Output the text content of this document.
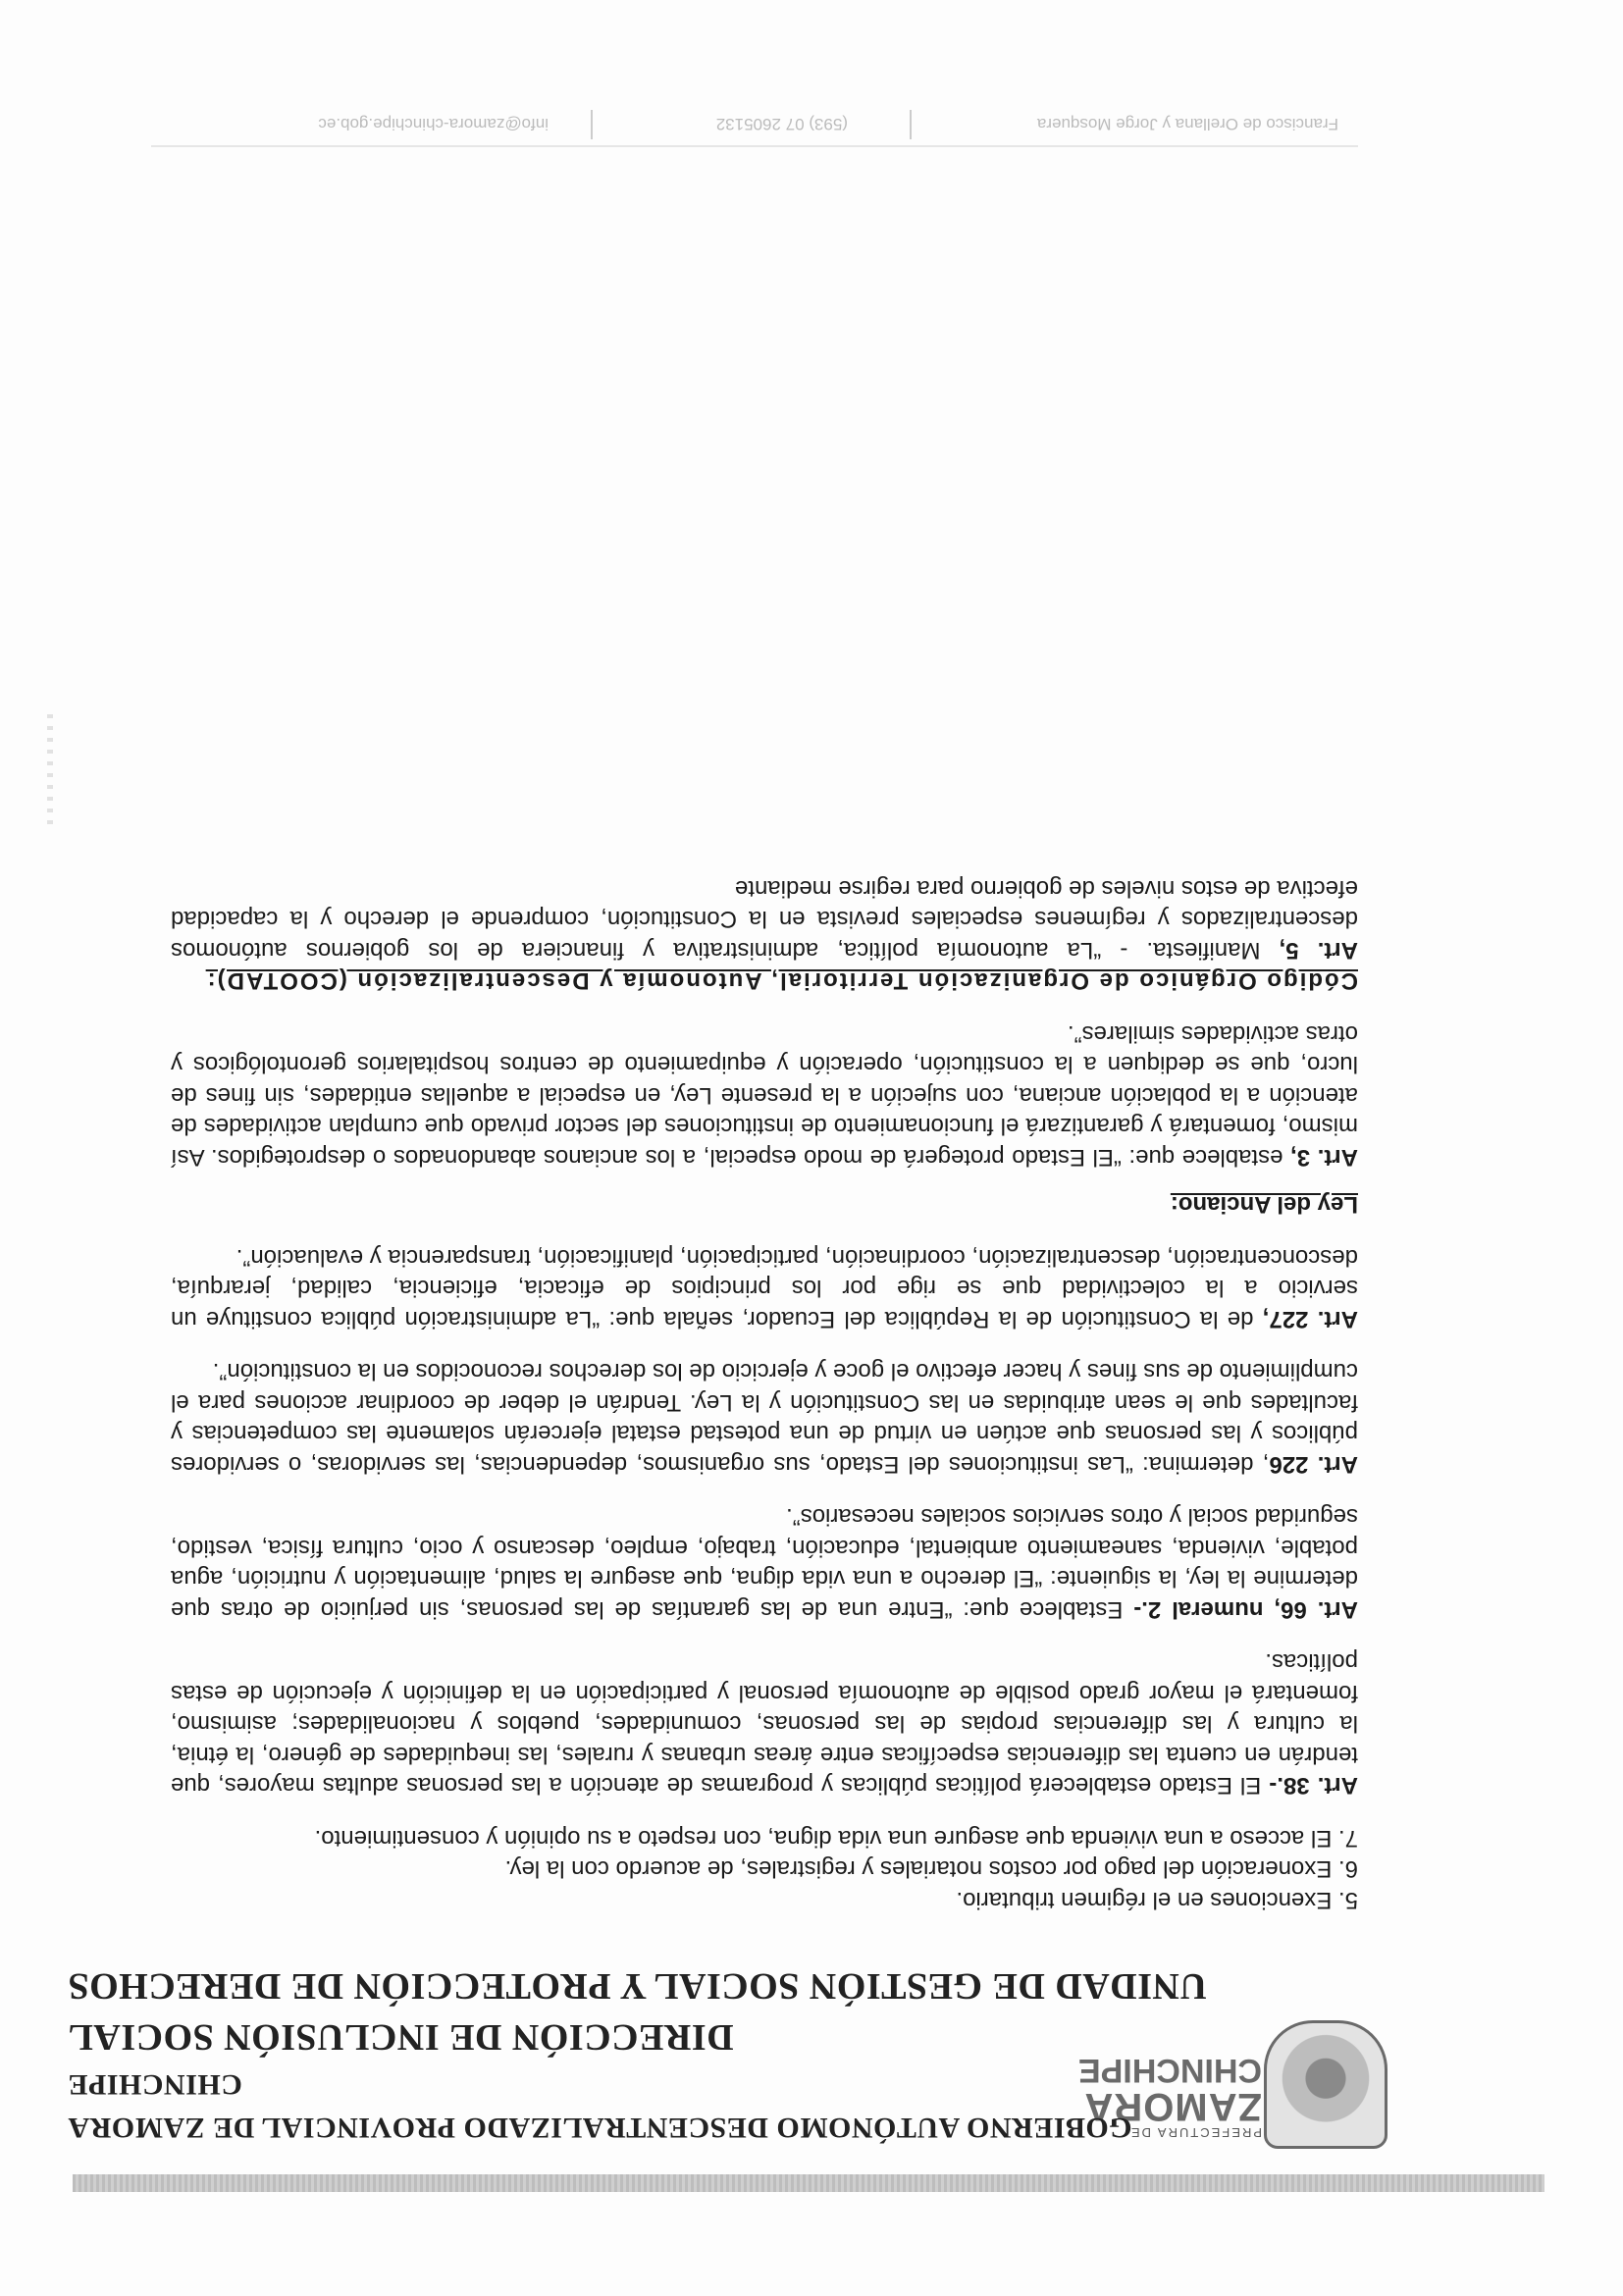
PREFECTURA DE
ZAMORA
CHINCHIPE
GOBIERNO AUTÓNOMO DESCENTRALIZADO PROVINCIAL DE ZAMORA CHINCHIPE
DIRECCIÓN DE INCLUSIÓN SOCIAL
UNIDAD DE GESTIÓN SOCIAL Y PROTECCIÓN DE DERECHOS

5. Exenciones en el régimen tributario.

6. Exoneración del pago por costos notariales y registrales, de acuerdo con la ley.

7. El acceso a una vivienda que asegure una vida digna, con respeto a su opinión y consentimiento.

Art. 38.- El Estado establecerá políticas públicas y programas de atención a las personas adultas mayores, que tendrán en cuenta las diferencias específicas entre áreas urbanas y rurales, las inequidades de género, la étnia, la cultura y las diferencias propias de las personas, comunidades, pueblos y nacionalidades; asimismo, fomentará el mayor grado posible de autonomía personal y participación en la definición y ejecución de estas políticas.

Art. 66, numeral 2.- Establece que: “Entre una de las garantías de las personas, sin perjuicio de otras que determine la ley, la siguiente: “El derecho a una vida digna, que asegure la salud, alimentación y nutrición, agua potable, vivienda, saneamiento ambiental, educación, trabajo, empleo, descanso y ocio, cultura física, vestido, seguridad social y otros servicios sociales necesarios”.

Art. 226, determina: “Las instituciones del Estado, sus organismos, dependencias, las servidoras, o servidores públicos y las personas que actúen en virtud de una potestad estatal ejercerán solamente las competencias y facultades que le sean atribuidas en las Constitución y la Ley. Tendrán el deber de coordinar acciones para el cumplimiento de sus fines y hacer efectivo el goce y ejercicio de los derechos reconocidos en la constitución”.

Art. 227, de la Constitución de la República del Ecuador, señala que: “La administración pública constituye un servicio a la colectividad que se rige por los principios de eficacia, eficiencia, calidad, jerarquía, desconcentración, descentralización, coordinación, participación, planificación, transparencia y evaluación”.

Ley del Anciano:

Art. 3, establece que: “El Estado protegerá de modo especial, a los ancianos abandonados o desprotegidos. Así mismo, fomentará y garantizará el funcionamiento de instituciones del sector privado que cumplan actividades de atención a la población anciana, con sujeción a la presente Ley, en especial a aquellas entidades, sin fines de lucro, que se dediquen a la constitución, operación y equipamiento de centros hospitalarios gerontológicos y otras actividades similares”.

Código Orgánico de Organización Territorial, Autonomía y Descentralización (COOTAD):

Art. 5, Manifiesta. - “La autonomía política, administrativa y financiera de los gobiernos autónomos descentralizados y regímenes especiales prevista en la Constitución, comprende el derecho y la capacidad efectiva de estos niveles de gobierno para regirse mediante

Francisco de Orellana y Jorge Mosquera
(593) 07 2605132
info@zamora-chinchipe.gob.ec
